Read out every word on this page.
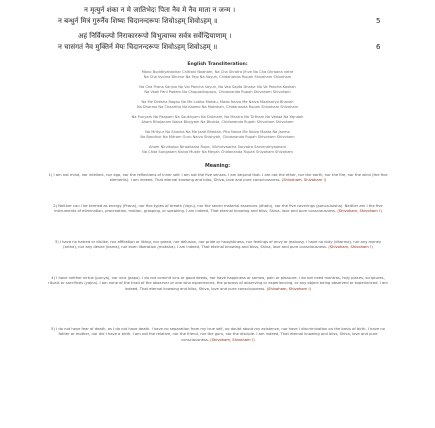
न मृत्युर्न शंका न मे जातिभेदः पिता नैव मे नैव माता न जन्म ।
न बन्धुर्न मित्रं गुरुर्नैव शिष्यः चिदानन्दरूपः शिवोऽहम् शिवोऽहम् ॥	5
अहं निर्विकल्पो निराकाररूपो विभुत्वाच्च सर्वत्र सर्वेन्द्रियाणाम् ।
न चासंगतं नैव मुक्तिर्न मेयः चिदानन्दरूपः शिवोऽहम् शिवोऽहम् ॥	6
English Transliteration:
Mano Buddhyahankar Chittani Naaham, Na Cha Shrotra Jihve Na Cha Ghraana netre
Na Cha Vyoma Bhumir Na Tejo Na Vayuh, Chidananda Rupah Shivoham Shivoham
Na Cha Prana Sanjno Na Vai Pancha Vayuh, Na Vaa Sapta Dhatur Na Va Pancha Koshah
Na Vaak Pani Padam Na Chopasthapayu, Chidananda Rupah Shivoham Shivoham
Na Me Dvesha Ragau Na Me Lobha Mohau, Mado Naiva Me Naiva Maatsarya Bhavah
Na Dharmo Na Chaartho Na Kaamo Na Mokshah, Chidananda Rupah Shivoham Shivoham
Na Punyam Na Paapam Na Saukhyam Na Dukham, Na Mantro Na Tirtham Na Vedaa Na Yajnaah
Aham Bhojanam Naiva Bhojyam Na Bhokta, Chidananda Rupah Shivoham Shivoham
Na Mrityur Na Shanka Na Me Jaati Bhedah, Pita Naiva Me Naiva Maata Na Janma
Na Bandhur Na Mitram Guru Naiva Shishyah, Chidananda Rupah Shivoham Shivoham
Aham Nirvikalpo Niraakaara Rupo, Vibhutvaacha Sarvatra Sarvendriyaanam
Na Chaa Sangatam Naiva Muktir Na Meyah Chidananda Rupah Shivoham Shivoham
Meaning:
1) I am not mind, nor intellect, nor ego, nor the reflections of inner self. I am not the five senses. I am beyond that. I am not the ether, nor the earth, nor the fire, nor the wind (the five elements). I am indeed, That eternal knowing and bliss, Shiva, love and pure consciousness. (Shivoham, Shivoham !)
2) Neither can I be termed as energy (Prana), nor five types of breath (Vayu), nor the seven material essences (dhatu), nor the five coverings (panca-kosha). Neither am I the five instruments of elimination, procreation, motion, grasping, or speaking. I am indeed, That eternal knowing and bliss, Shiva, love and pure consciousness. (Shivoham, Shivoham !)
3) I have no hatred or dislike, nor affiliation or liking, nor greed, nor delusion, nor pride or haughtiness, nor feelings of envy or jealousy. I have no duty (dharma), nor any money (artha), nor any desire (kama), nor even liberation (moksha). I am indeed, That eternal knowing and bliss, Shiva, love and pure consciousness. (Shivoham, Shivoham !)
4) I have neither virtue (punya), nor vice (papa). I do not commit sins or good deeds, nor have happiness or sorrow, pain or pleasure. I do not need mantras, holy places, scriptures, rituals or sacrifices (yajna). I am none of the triad of the observer or one who experiences, the process of observing or experiencing, or any object being observed or experienced. I am indeed, That eternal knowing and bliss, Shiva, love and pure consciousness. (Shivoham, Shivoham !)
5) I do not have fear of death, as I do not have death. I have no separation from my true self, no doubt about my existence, nor have I discrimination on the basis of birth. I have no father or mother, nor did I have a birth. I am not the relative, nor the friend, nor the guru, nor the disciple. I am indeed, That eternal knowing and bliss, Shiva, love and pure consciousness. (Shivoham, Shivoham !)
